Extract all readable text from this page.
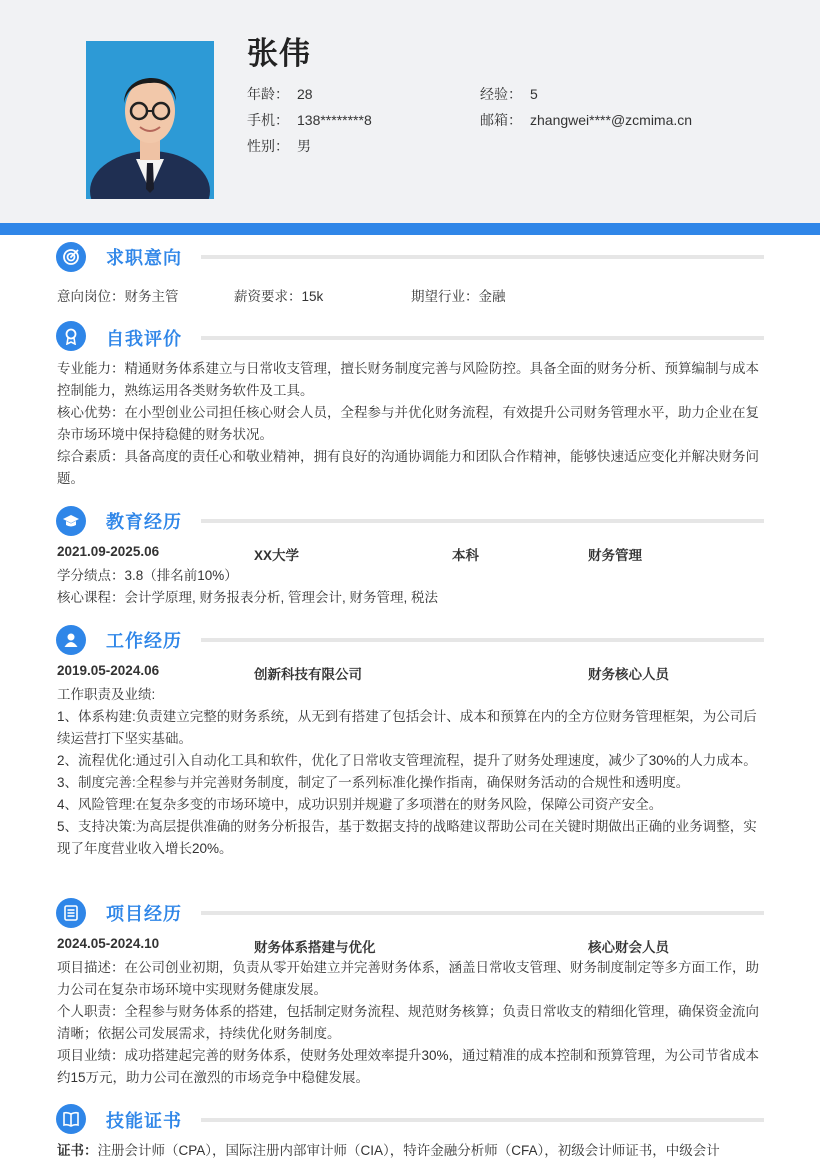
张伟
年龄： 28	经验： 5
手机： 138********8	邮箱： zhangwei****@zcmima.cn
性别： 男
求职意向
意向岗位：财务主管	薪资要求：15k	期望行业：金融
自我评价

专业能力：精通财务体系建立与日常收支管理，擅长财务制度完善与风险防控。具备全面的财务分析、预算编制与成本控制能力，熟练运用各类财务软件及工具。

核心优势：在小型创业公司担任核心财会人员，全程参与并优化财务流程，有效提升公司财务管理水平，助力企业在复杂市场环境中保持稳健的财务状况。

综合素质：具备高度的责任心和敬业精神，拥有良好的沟通协调能力和团队合作精神，能够快速适应变化并解决财务问题。

教育经历
2021.09-2025.06	XX大学	本科	财务管理

学分绩点：3.8（排名前10%）

核心课程：会计学原理, 财务报表分析, 管理会计, 财务管理, 税法

工作经历
2019.05-2024.06	创新科技有限公司	财务核心人员

工作职责及业绩:

1、体系构建:负责建立完整的财务系统，从无到有搭建了包括会计、成本和预算在内的全方位财务管理框架，为公司后续运营打下坚实基础。

2、流程优化:通过引入自动化工具和软件，优化了日常收支管理流程，提升了财务处理速度，减少了30%的人力成本。

3、制度完善:全程参与并完善财务制度，制定了一系列标准化操作指南，确保财务活动的合规性和透明度。

4、风险管理:在复杂多变的市场环境中，成功识别并规避了多项潜在的财务风险，保障公司资产安全。

5、支持决策:为高层提供准确的财务分析报告，基于数据支持的战略建议帮助公司在关键时期做出正确的业务调整，实现了年度营业收入增长20%。

项目经历
2024.05-2024.10	财务体系搭建与优化	核心财会人员

项目描述：在公司创业初期，负责从零开始建立并完善财务体系，涵盖日常收支管理、财务制度制定等多方面工作，助力公司在复杂市场环境中实现财务健康发展。

个人职责：全程参与财务体系的搭建，包括制定财务流程、规范财务核算；负责日常收支的精细化管理，确保资金流向清晰；依据公司发展需求，持续优化财务制度。

项目业绩：成功搭建起完善的财务体系，使财务处理效率提升30%，通过精准的成本控制和预算管理，为公司节省成本约15万元，助力公司在激烈的市场竞争中稳健发展。

技能证书
证书：注册会计师（CPA），国际注册内部审计师（CIA），特许金融分析师（CFA），初级会计师证书，中级会计
